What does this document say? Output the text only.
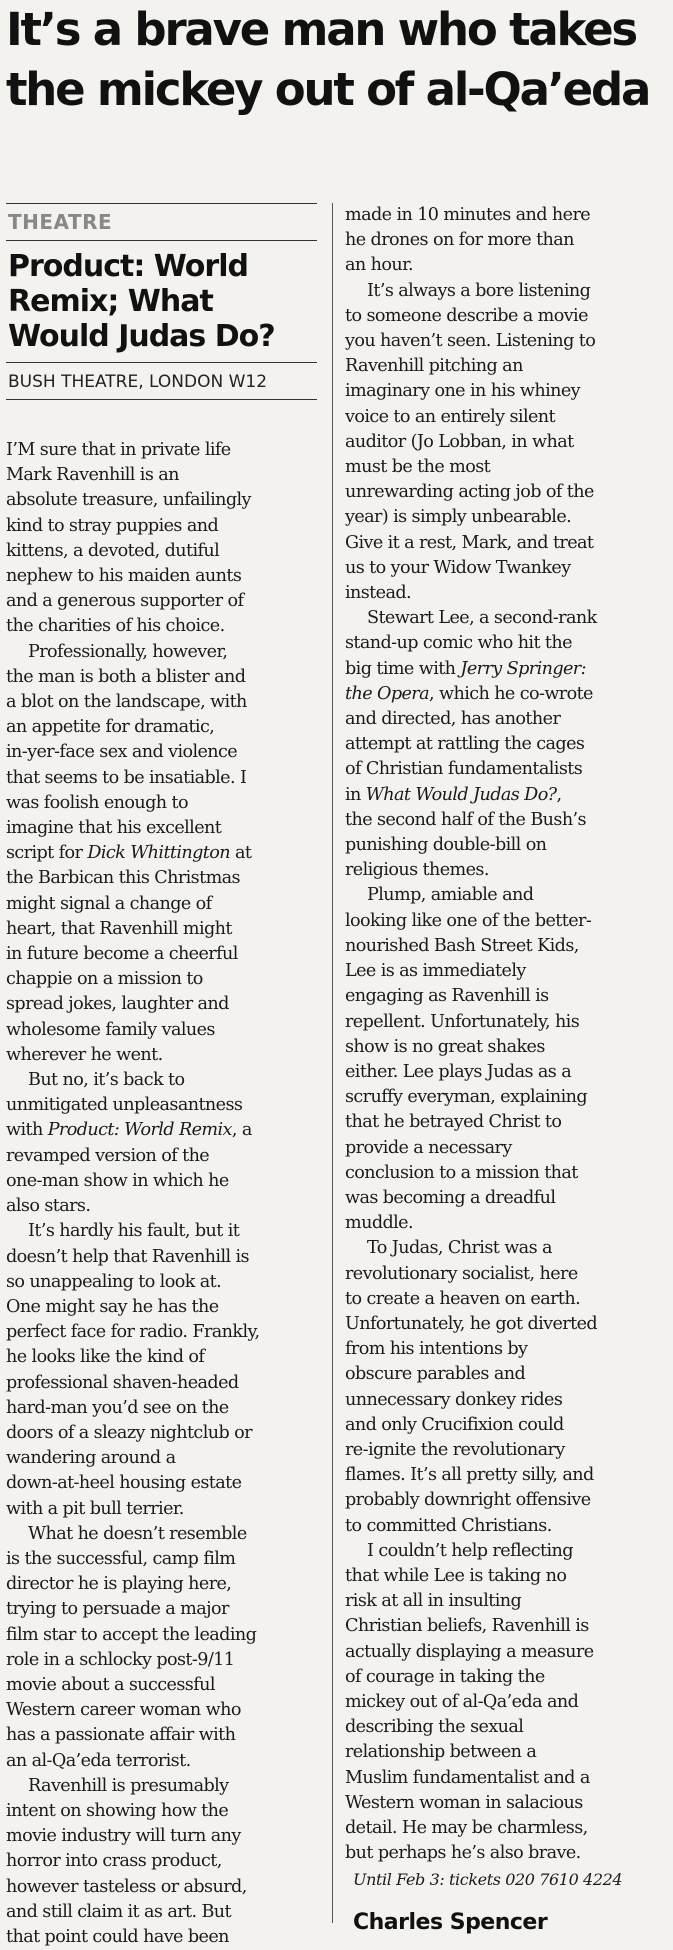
It’s a brave man who takes
the mickey out of al-Qa’eda
THEATRE
Product: World
Remix; What
Would Judas Do?
BUSH THEATRE, LONDON W12

I’M sure that in private life
Mark Ravenhill is an
absolute treasure, unfailingly
kind to stray puppies and
kittens, a devoted, dutiful
nephew to his maiden aunts
and a generous supporter of
the charities of his choice.

Professionally, however,
the man is both a blister and
a blot on the landscape, with
an appetite for dramatic,
in-yer-face sex and violence
that seems to be insatiable. I
was foolish enough to
imagine that his excellent
script for Dick Whittington at
the Barbican this Christmas
might signal a change of
heart, that Ravenhill might
in future become a cheerful
chappie on a mission to
spread jokes, laughter and
wholesome family values
wherever he went.

But no, it’s back to
unmitigated unpleasantness
with Product: World Remix, a
revamped version of the
one-man show in which he
also stars.

It’s hardly his fault, but it
doesn’t help that Ravenhill is
so unappealing to look at.
One might say he has the
perfect face for radio. Frankly,
he looks like the kind of
professional shaven-headed
hard-man you’d see on the
doors of a sleazy nightclub or
wandering around a
down-at-heel housing estate
with a pit bull terrier.

What he doesn’t resemble
is the successful, camp film
director he is playing here,
trying to persuade a major
film star to accept the leading
role in a schlocky post-9/11
movie about a successful
Western career woman who
has a passionate affair with
an al-Qa’eda terrorist.

Ravenhill is presumably
intent on showing how the
movie industry will turn any
horror into crass product,
however tasteless or absurd,
and still claim it as art. But
that point could have been

made in 10 minutes and here
he drones on for more than
an hour.

It’s always a bore listening
to someone describe a movie
you haven’t seen. Listening to
Ravenhill pitching an
imaginary one in his whiney
voice to an entirely silent
auditor (Jo Lobban, in what
must be the most
unrewarding acting job of the
year) is simply unbearable.
Give it a rest, Mark, and treat
us to your Widow Twankey
instead.

Stewart Lee, a second-rank
stand-up comic who hit the
big time with Jerry Springer:
the Opera, which he co-wrote
and directed, has another
attempt at rattling the cages
of Christian fundamentalists
in What Would Judas Do?,
the second half of the Bush’s
punishing double-bill on
religious themes.

Plump, amiable and
looking like one of the better-
nourished Bash Street Kids,
Lee is as immediately
engaging as Ravenhill is
repellent. Unfortunately, his
show is no great shakes
either. Lee plays Judas as a
scruffy everyman, explaining
that he betrayed Christ to
provide a necessary
conclusion to a mission that
was becoming a dreadful
muddle.

To Judas, Christ was a
revolutionary socialist, here
to create a heaven on earth.
Unfortunately, he got diverted
from his intentions by
obscure parables and
unnecessary donkey rides
and only Crucifixion could
re-ignite the revolutionary
flames. It’s all pretty silly, and
probably downright offensive
to committed Christians.

I couldn’t help reflecting
that while Lee is taking no
risk at all in insulting
Christian beliefs, Ravenhill is
actually displaying a measure
of courage in taking the
mickey out of al-Qa’eda and
describing the sexual
relationship between a
Muslim fundamentalist and a
Western woman in salacious
detail. He may be charmless,
but perhaps he’s also brave.

Until Feb 3: tickets 020 7610 4224
Charles Spencer
